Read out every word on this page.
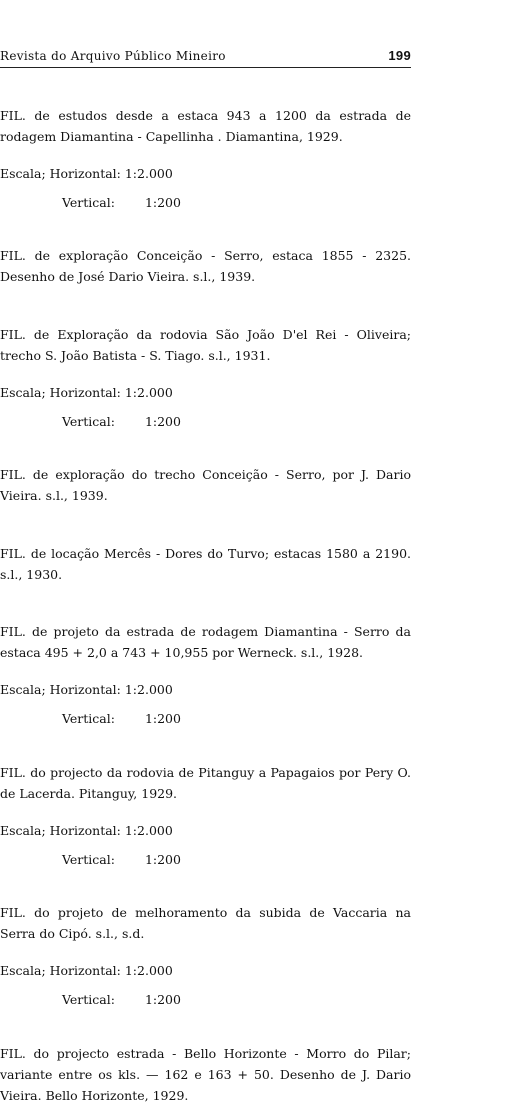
Revista do Arquivo Público Mineiro	199

FIL. de estudos desde a estaca 943 a 1200 da estrada de rodagem Diamantina - Capellinha . Diamantina, 1929.

Escala; Horizontal: 1:2.000

Vertical: 1:200

FIL. de exploração Conceição - Serro, estaca 1855 - 2325. Desenho de José Dario Vieira. s.l., 1939.

FIL. de Exploração da rodovia São João D'el Rei - Oliveira; trecho S. João Batista - S. Tiago. s.l., 1931.

Escala; Horizontal: 1:2.000

Vertical: 1:200

FIL. de exploração do trecho Conceição - Serro, por J. Dario Vieira. s.l., 1939.

FIL. de locação Mercês - Dores do Turvo; estacas 1580 a 2190. s.l., 1930.

FIL. de projeto da estrada de rodagem Diamantina - Serro da estaca 495 + 2,0 a 743 + 10,955 por Werneck. s.l., 1928.

Escala; Horizontal: 1:2.000

Vertical: 1:200

FIL. do projecto da rodovia de Pitanguy a Papagaios por Pery O. de Lacerda. Pitanguy, 1929.

Escala; Horizontal: 1:2.000

Vertical: 1:200

FIL. do projeto de melhoramento da subida de Vaccaria na Serra do Cipó. s.l., s.d.

Escala; Horizontal: 1:2.000

Vertical: 1:200

FIL. do projecto estrada - Bello Horizonte - Morro do Pilar; variante entre os kls. — 162 e 163 + 50. Desenho de J. Dario Vieira. Bello Horizonte, 1929.
